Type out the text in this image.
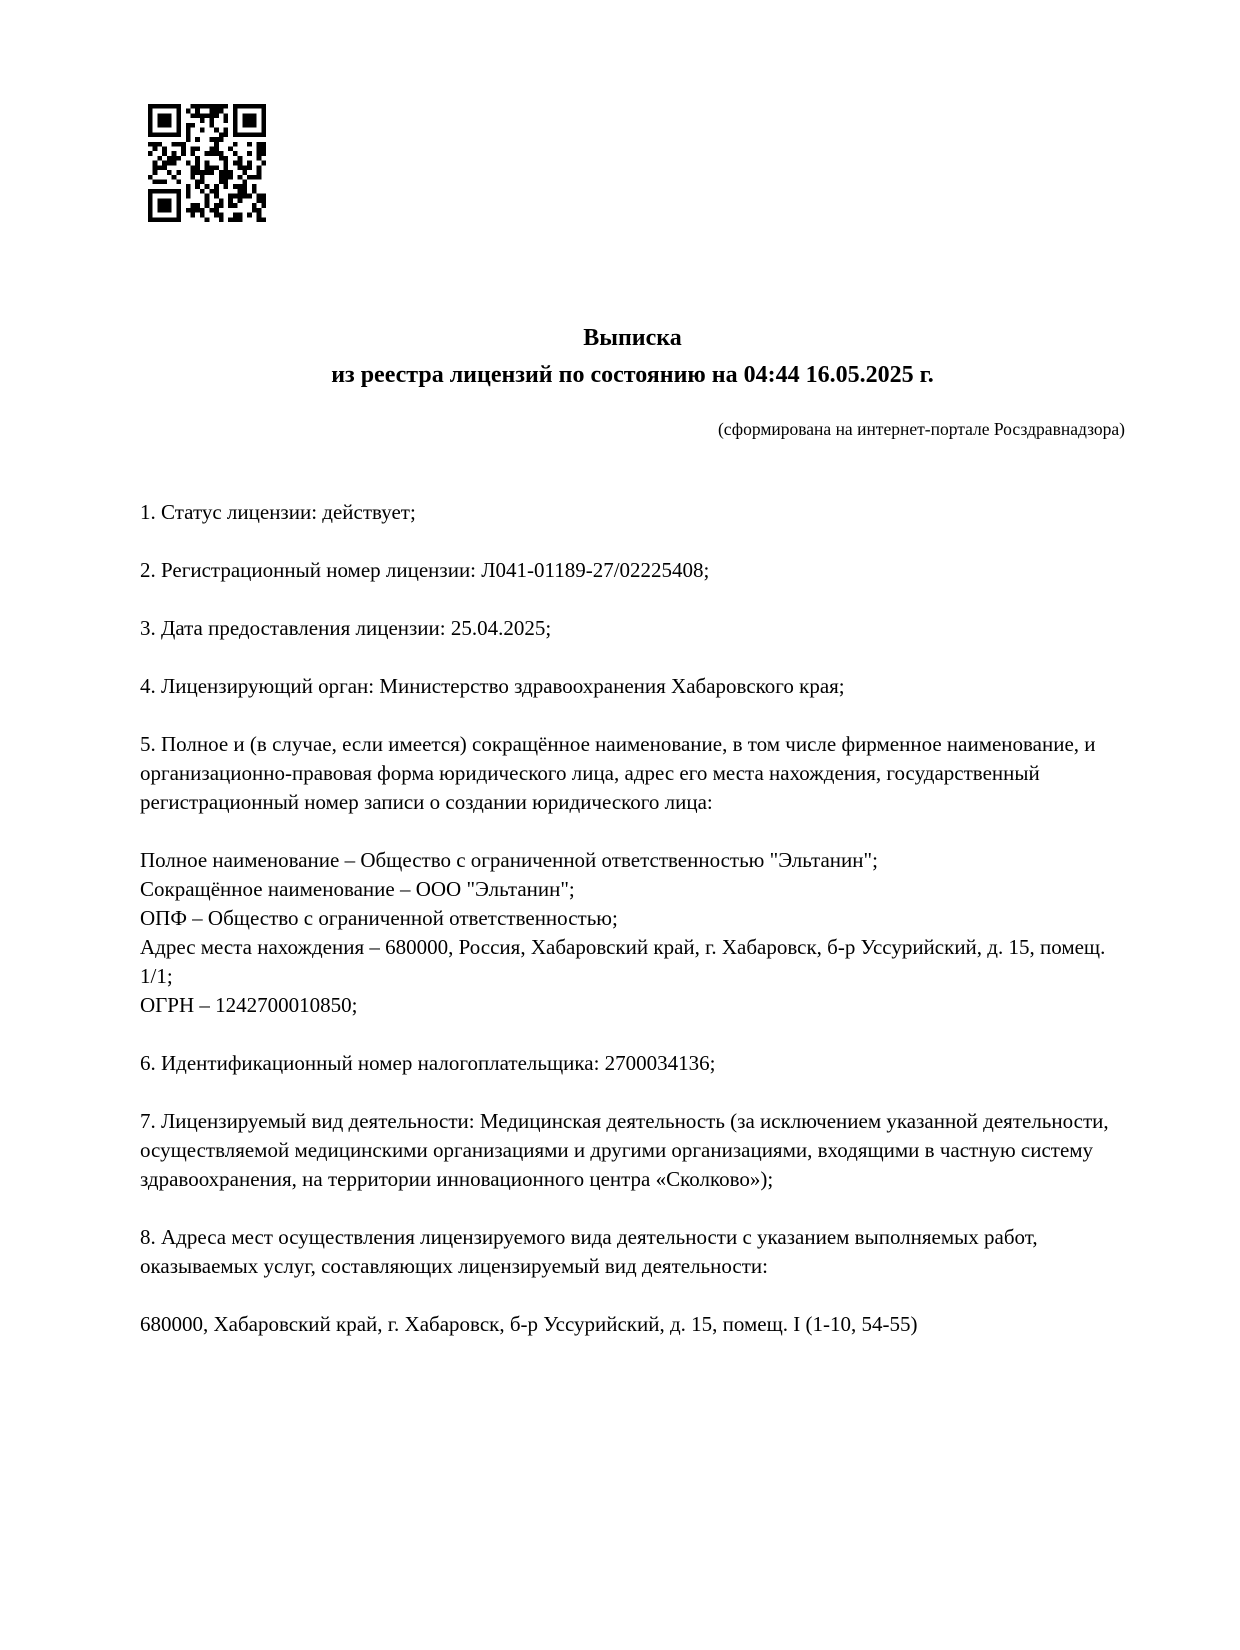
Выписка
из реестра лицензий по состоянию на 04:44 16.05.2025 г.
(сформирована на интернет-портале Росздравнадзора)
1. Статус лицензии: действует;
2. Регистрационный номер лицензии: Л041-01189-27/02225408;
3. Дата предоставления лицензии: 25.04.2025;
4. Лицензирующий орган: Министерство здравоохранения Хабаровского края;
5. Полное и (в случае, если имеется) сокращённое наименование, в том числе фирменное наименование, и организационно-правовая форма юридического лица, адрес его места нахождения, государственный регистрационный номер записи о создании юридического лица:
Полное наименование – Общество с ограниченной ответственностью "Эльтанин";
Сокращённое наименование – ООО "Эльтанин";
ОПФ – Общество с ограниченной ответственностью;
Адрес места нахождения – 680000, Россия, Хабаровский край, г. Хабаровск, б-р Уссурийский, д. 15, помещ. 1/1;
ОГРН – 1242700010850;
6. Идентификационный номер налогоплательщика: 2700034136;
7. Лицензируемый вид деятельности: Медицинская деятельность (за исключением указанной деятельности, осуществляемой медицинскими организациями и другими организациями, входящими в частную систему здравоохранения, на территории инновационного центра «Сколково»);
8. Адреса мест осуществления лицензируемого вида деятельности с указанием выполняемых работ, оказываемых услуг, составляющих лицензируемый вид деятельности:
680000, Хабаровский край, г. Хабаровск, б-р Уссурийский, д. 15, помещ. I (1-10, 54-55)
